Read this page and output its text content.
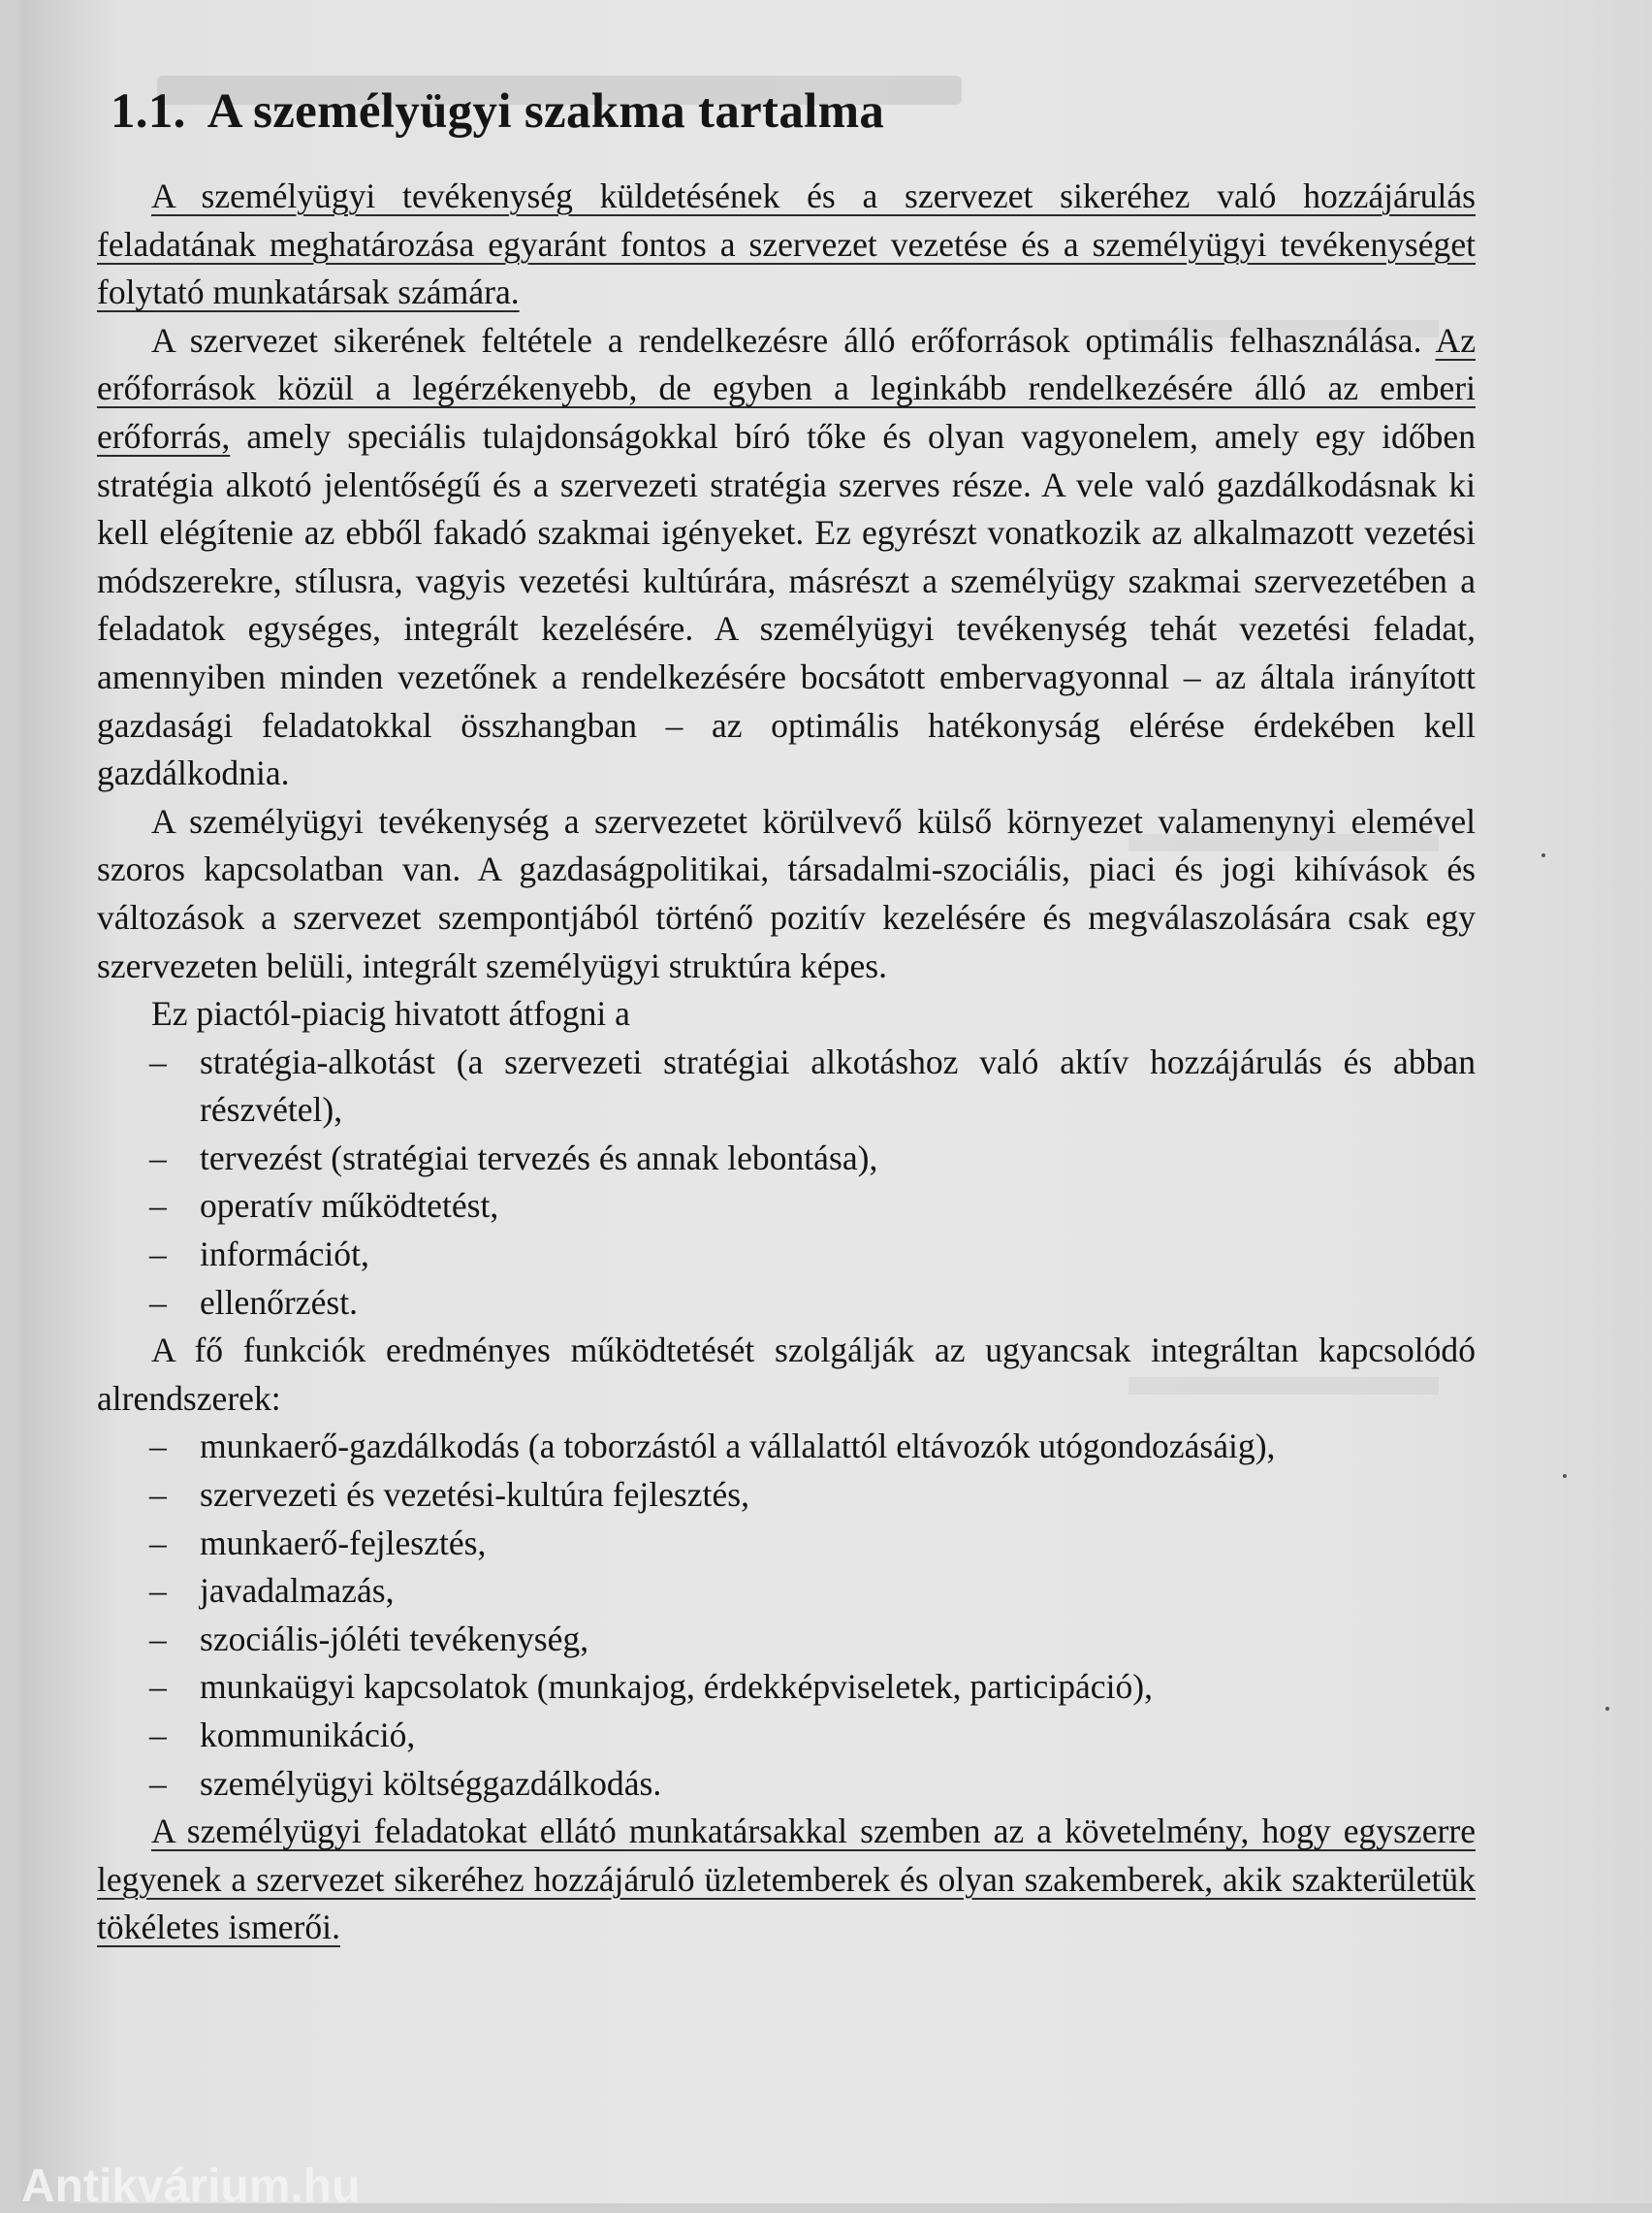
1.1. A személyügyi szakma tartalma

A személyügyi tevékenység küldetésének és a szervezet sikeréhez való hozzájárulás feladatának meghatározása egyaránt fontos a szervezet vezetése és a személyügyi tevékenységet folytató munkatársak számára.

A szervezet sikerének feltétele a rendelkezésre álló erőforrások optimális felhasználása. Az erőforrások közül a legérzékenyebb, de egyben a leginkább rendelkezésére álló az emberi erőforrás, amely speciális tulajdonságokkal bíró tőke és olyan vagyonelem, amely egy időben stratégia alkotó jelentőségű és a szervezeti stratégia szerves része. A vele való gazdálkodásnak ki kell elégítenie az ebből fakadó szakmai igényeket. Ez egyrészt vonatkozik az alkalmazott vezetési módszerekre, stílusra, vagyis vezetési kultúrára, másrészt a személyügy szakmai szervezetében a feladatok egységes, integrált kezelésére. A személyügyi tevékenység tehát vezetési feladat, amennyiben minden vezetőnek a rendelkezésére bocsátott embervagyonnal – az általa irányított gazdasági feladatokkal összhangban – az optimális hatékonyság elérése érdekében kell gazdálkodnia.

A személyügyi tevékenység a szervezetet körülvevő külső környezet valamenynyi elemével szoros kapcsolatban van. A gazdaságpolitikai, társadalmi-szociális, piaci és jogi kihívások és változások a szervezet szempontjából történő pozitív kezelésére és megválaszolására csak egy szervezeten belüli, integrált személyügyi struktúra képes.

Ez piactól-piacig hivatott átfogni a

– stratégia-alkotást (a szervezeti stratégiai alkotáshoz való aktív hozzájárulás és abban részvétel),
– tervezést (stratégiai tervezés és annak lebontása),
– operatív működtetést,
– információt,
– ellenőrzést.

A fő funkciók eredményes működtetését szolgálják az ugyancsak integráltan kapcsolódó alrendszerek:

– munkaerő-gazdálkodás (a toborzástól a vállalattól eltávozók utógondozásáig),
– szervezeti és vezetési-kultúra fejlesztés,
– munkaerő-fejlesztés,
– javadalmazás,
– szociális-jóléti tevékenység,
– munkaügyi kapcsolatok (munkajog, érdekképviseletek, participáció),
– kommunikáció,
– személyügyi költséggazdálkodás.

A személyügyi feladatokat ellátó munkatársakkal szemben az a követelmény, hogy egyszerre legyenek a szervezet sikeréhez hozzájáruló üzletemberek és olyan szakemberek, akik szakterületük tökéletes ismerői.

Antikvárium.hu
